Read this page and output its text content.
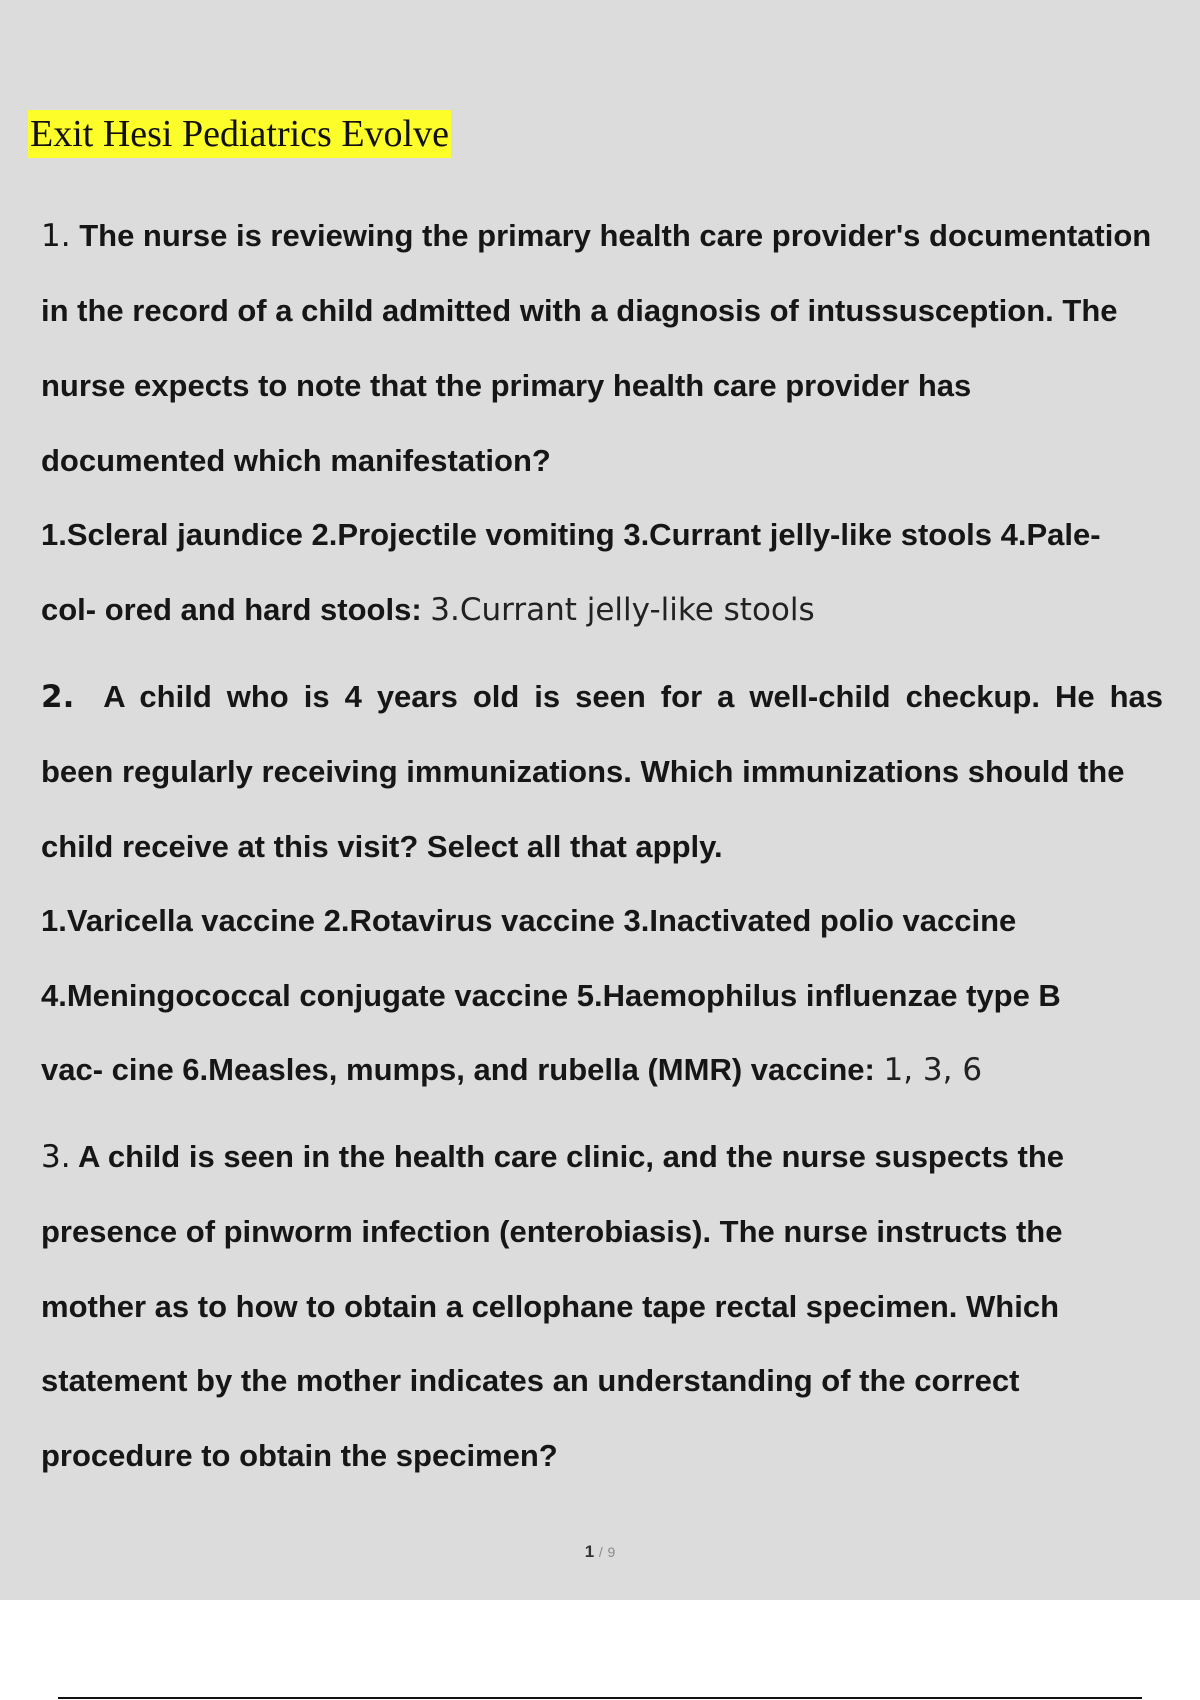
Exit Hesi Pediatrics Evolve
1. The nurse is reviewing the primary health care provider's documentation
in the record of a child admitted with a diagnosis of intussusception. The
nurse expects to note that the primary health care provider has
documented which manifestation?
1.Scleral jaundice 2.Projectile vomiting 3.Currant jelly-like stools 4.Pale-
col- ored and hard stools: 3.Currant jelly-like stools
2. A child who is 4 years old is seen for a well-child checkup. He has
been regularly receiving immunizations. Which immunizations should the
child receive at this visit? Select all that apply.
1.Varicella vaccine 2.Rotavirus vaccine 3.Inactivated polio vaccine
4.Meningococcal conjugate vaccine 5.Haemophilus influenzae type B
vac- cine 6.Measles, mumps, and rubella (MMR) vaccine: 1, 3, 6
3. A child is seen in the health care clinic, and the nurse suspects the
presence of pinworm infection (enterobiasis). The nurse instructs the
mother as to how to obtain a cellophane tape rectal specimen. Which
statement by the mother indicates an understanding of the correct
procedure to obtain the specimen?
1 / 9
